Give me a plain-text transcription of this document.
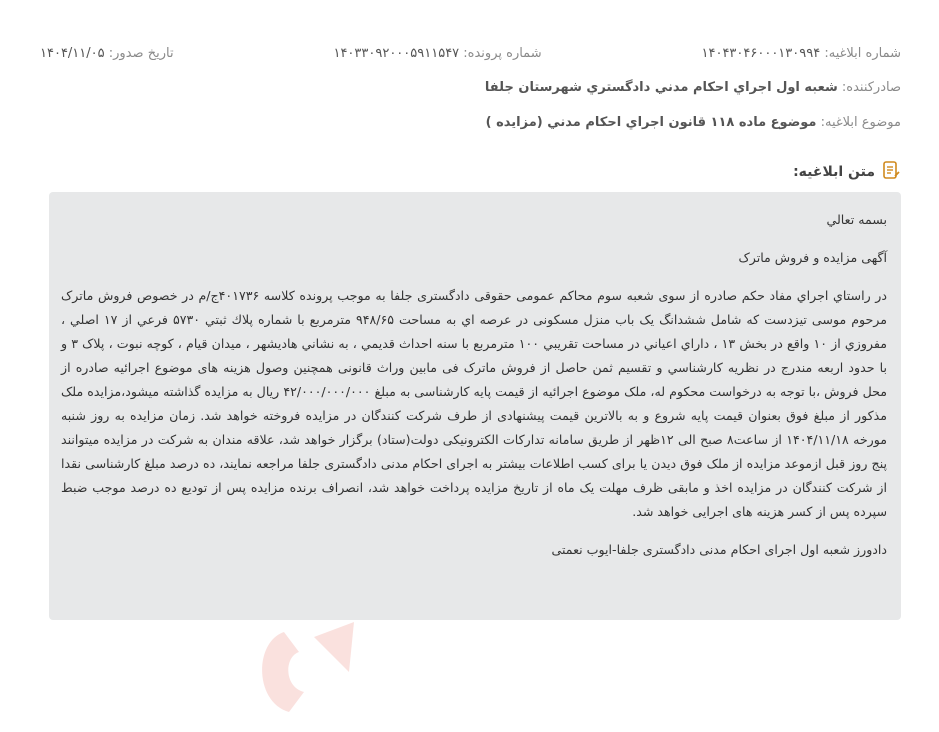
شماره ابلاغيه: ۱۴۰۴۳۰۴۶۰۰۰۱۳۰۹۹۴
شماره پرونده: ۱۴۰۳۳۰۹۲۰۰۰۵۹۱۱۵۴۷
تاريخ صدور: ۱۴۰۴/۱۱/۰۵
صادرکننده: شعبه اول اجراي احكام مدني دادگستري شهرستان جلفا
موضوع ابلاغيه: موضوع ماده ۱۱۸ قانون اجراي احكام مدني (مزايده )
متن ابلاغيه:

بسمه تعالي

آگهی مزایده و فروش ماترک

در راستاي اجراي مفاد حكم صادره از سوی شعبه سوم محاکم عمومی حقوقی دادگستری جلفا به موجب پرونده کلاسه ۴۰۱۷۳۶ج/م در خصوص فروش ماترک مرحوم موسی تیزدست که شامل ششدانگ یک باب منزل مسکونی در عرصه اي به مساحت ۹۴۸/۶۵ مترمربع با شماره پلاك ثبتي ۵۷۳۰ فرعي از ۱۷ اصلي ، مفروزي از ۱۰ واقع در بخش ۱۳ ، داراي اعياني در مساحت تقريبي ۱۰۰ مترمربع با سنه احداث قديمي ، به نشاني هاديشهر ، ميدان قيام ، کوچه نبوت ، پلاک ۳ و با حدود اربعه مندرج در نظريه كارشناسي و تقسیم ثمن حاصل از فروش ماترک فی مابین وراث قانونی همچنین وصول هزینه های موضوع اجرائیه صادره از محل فروش ،با توجه به درخواست محکوم له، ملک موضوع اجرائیه از قیمت پایه کارشناسی به مبلغ ۴۲/۰۰۰/۰۰۰/۰۰۰ ريال به مزایده گذاشته میشود،مزایده ملک مذکور از مبلغ فوق بعنوان قیمت پایه شروع و به بالاترین قیمت پیشنهادی از طرف شرکت کنندگان در مزایده فروخته خواهد شد. زمان مزايده به روز شنبه مورخه ۱۴۰۴/۱۱/۱۸ از ساعت۸ صبح الی ۱۲ظهر از طریق سامانه تدارکات الکترونیکی دولت(ستاد) برگزار خواهد شد، علاقه مندان به شرکت در مزایده میتوانند پنج روز قبل ازموعد مزایده از ملک فوق دیدن یا برای کسب اطلاعات بیشتر به اجرای احکام مدنی دادگستری جلفا مراجعه نمایند، ده درصد مبلغ کارشناسی نقدا از شرکت کنندگان در مزایده اخذ و مابقی ظرف مهلت یک ماه از تاریخ مزایده پرداخت خواهد شد، انصراف برنده مزایده پس از تودیع ده درصد موجب ضبط سپرده پس از کسر هزینه های اجرایی خواهد شد.

دادورز شعبه اول اجرای احکام مدنی دادگستری جلفا-ایوب نعمتی
